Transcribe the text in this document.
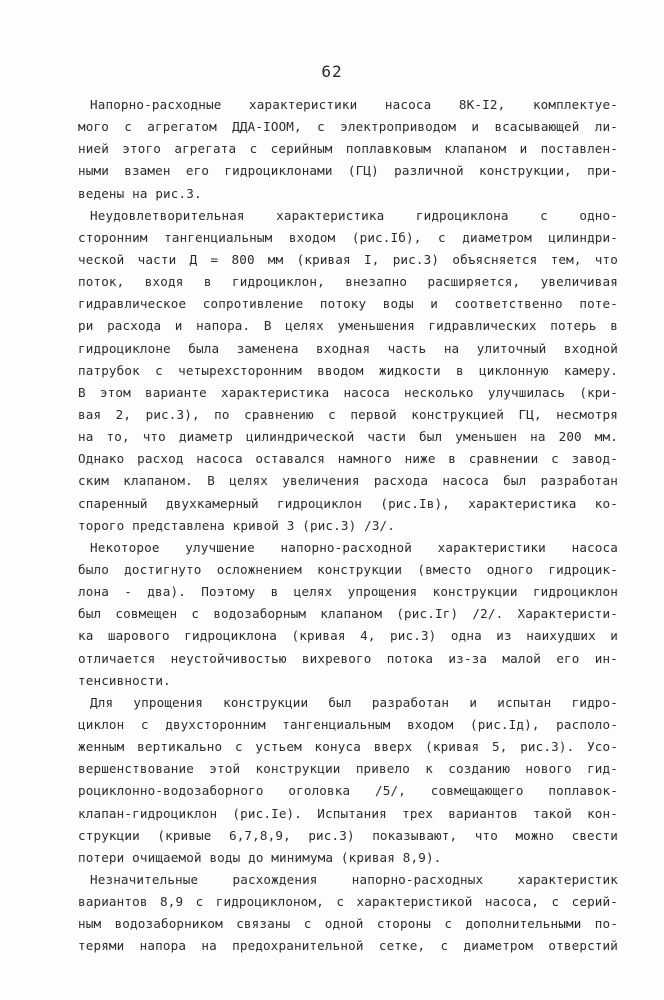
62
Напорно-расходные характеристики насоса 8К-I2, комплектуе-
мого с агрегатом ДДА-IООМ, с электроприводом и всасывающей ли-
нией этого агрегата с серийным поплавковым клапаном и поставлен-
ными взамен его гидроциклонами (ГЦ) различной конструкции, при-
ведены на рис.3.
Неудовлетворительная характеристика гидроциклона с одно-
сторонним тангенциальным входом (рис.Iб), с диаметром цилиндри-
ческой части Д = 800 мм (кривая I, рис.3) объясняется тем, что
поток, входя в гидроциклон, внезапно расширяется, увеличивая
гидравлическое сопротивление потоку воды и соответственно поте-
ри расхода и напора. В целях уменьшения гидравлических потерь в
гидроциклоне была заменена входная часть на улиточный входной
патрубок с четырехсторонним вводом жидкости в циклонную камеру.
В этом варианте характеристика насоса несколько улучшилась (кри-
вая 2, рис.3), по сравнению с первой конструкцией ГЦ, несмотря
на то, что диаметр цилиндрической части был уменьшен на 200 мм.
Однако расход насоса оставался намного ниже в сравнении с завод-
ским клапаном. В целях увеличения расхода насоса был разработан
спаренный двухкамерный гидроциклон (рис.Iв), характеристика ко-
торого представлена кривой 3 (рис.3) /3/.
Некоторое улучшение напорно-расходной характеристики насоса
было достигнуто осложнением конструкции (вместо одного гидроцик-
лона - два). Поэтому в целях упрощения конструкции гидроциклон
был совмещен с водозаборным клапаном (рис.Iг) /2/. Характеристи-
ка шарового гидроциклона (кривая 4, рис.3) одна из наихудших и
отличается неустойчивостью вихревого потока из-за малой его ин-
тенсивности.
Для упрощения конструкции был разработан и испытан гидро-
циклон с двухсторонним тангенциальным входом (рис.Iд), располо-
женным вертикально с устьем конуса вверх (кривая 5, рис.3). Усо-
вершенствование этой конструкции привело к созданию нового гид-
роциклонно-водозаборного оголовка /5/, совмещающего поплавок-
клапан-гидроциклон (рис.Iе). Испытания трех вариантов такой кон-
струкции (кривые 6,7,8,9, рис.3) показывают, что можно свести
потери очищаемой воды до минимума (кривая 8,9).
Незначительные расхождения напорно-расходных характеристик
вариантов 8,9 с гидроциклоном, с характеристикой насоса, с серий-
ным водозаборником связаны с одной стороны с дополнительными по-
терями напора на предохранительной сетке, с диаметром отверстий
